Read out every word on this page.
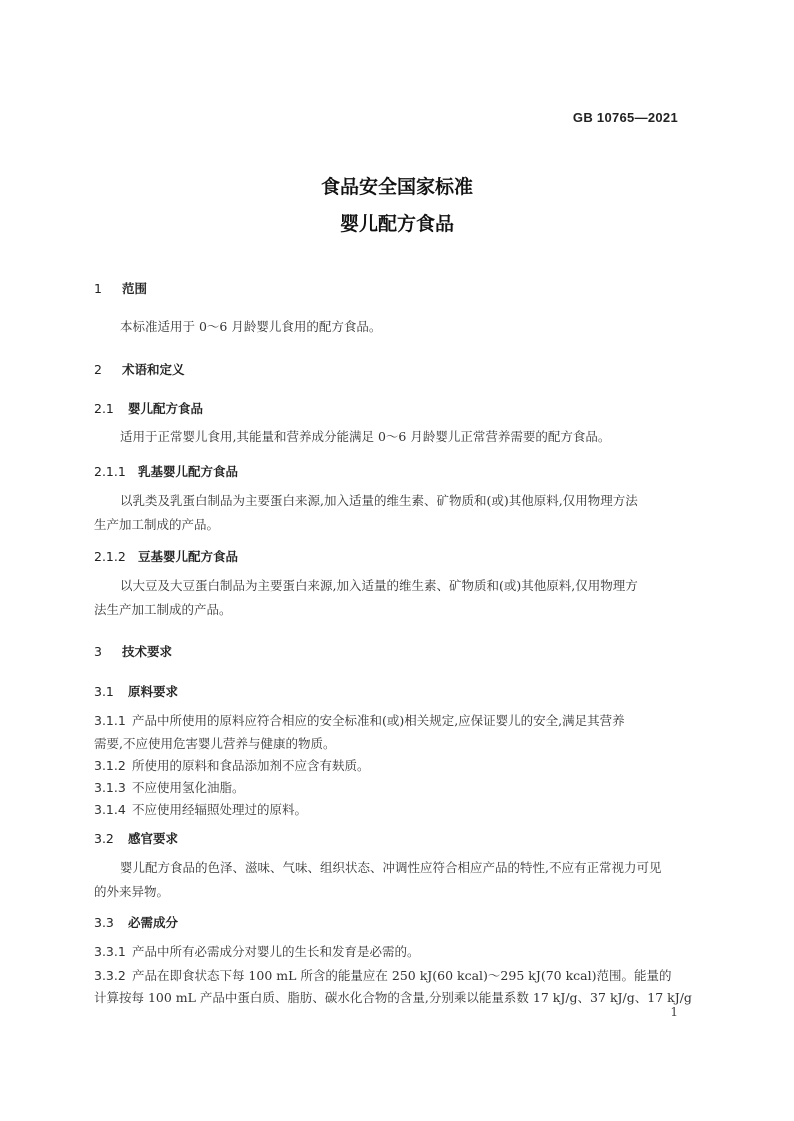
GB 10765—2021
食品安全国家标准
婴儿配方食品
1 范围
本标准适用于 0～6 月龄婴儿食用的配方食品。
2 术语和定义
2.1 婴儿配方食品
适用于正常婴儿食用,其能量和营养成分能满足 0～6 月龄婴儿正常营养需要的配方食品。
2.1.1 乳基婴儿配方食品
以乳类及乳蛋白制品为主要蛋白来源,加入适量的维生素、矿物质和(或)其他原料,仅用物理方法
生产加工制成的产品。
2.1.2 豆基婴儿配方食品
以大豆及大豆蛋白制品为主要蛋白来源,加入适量的维生素、矿物质和(或)其他原料,仅用物理方
法生产加工制成的产品。
3 技术要求
3.1 原料要求
3.1.1 产品中所使用的原料应符合相应的安全标准和(或)相关规定,应保证婴儿的安全,满足其营养
需要,不应使用危害婴儿营养与健康的物质。
3.1.2 所使用的原料和食品添加剂不应含有麸质。
3.1.3 不应使用氢化油脂。
3.1.4 不应使用经辐照处理过的原料。
3.2 感官要求
婴儿配方食品的色泽、滋味、气味、组织状态、冲调性应符合相应产品的特性,不应有正常视力可见
的外来异物。
3.3 必需成分
3.3.1 产品中所有必需成分对婴儿的生长和发育是必需的。
3.3.2 产品在即食状态下每 100 mL 所含的能量应在 250 kJ(60 kcal)～295 kJ(70 kcal)范围。能量的
计算按每 100 mL 产品中蛋白质、脂肪、碳水化合物的含量,分别乘以能量系数 17 kJ/g、37 kJ/g、17 kJ/g
1
